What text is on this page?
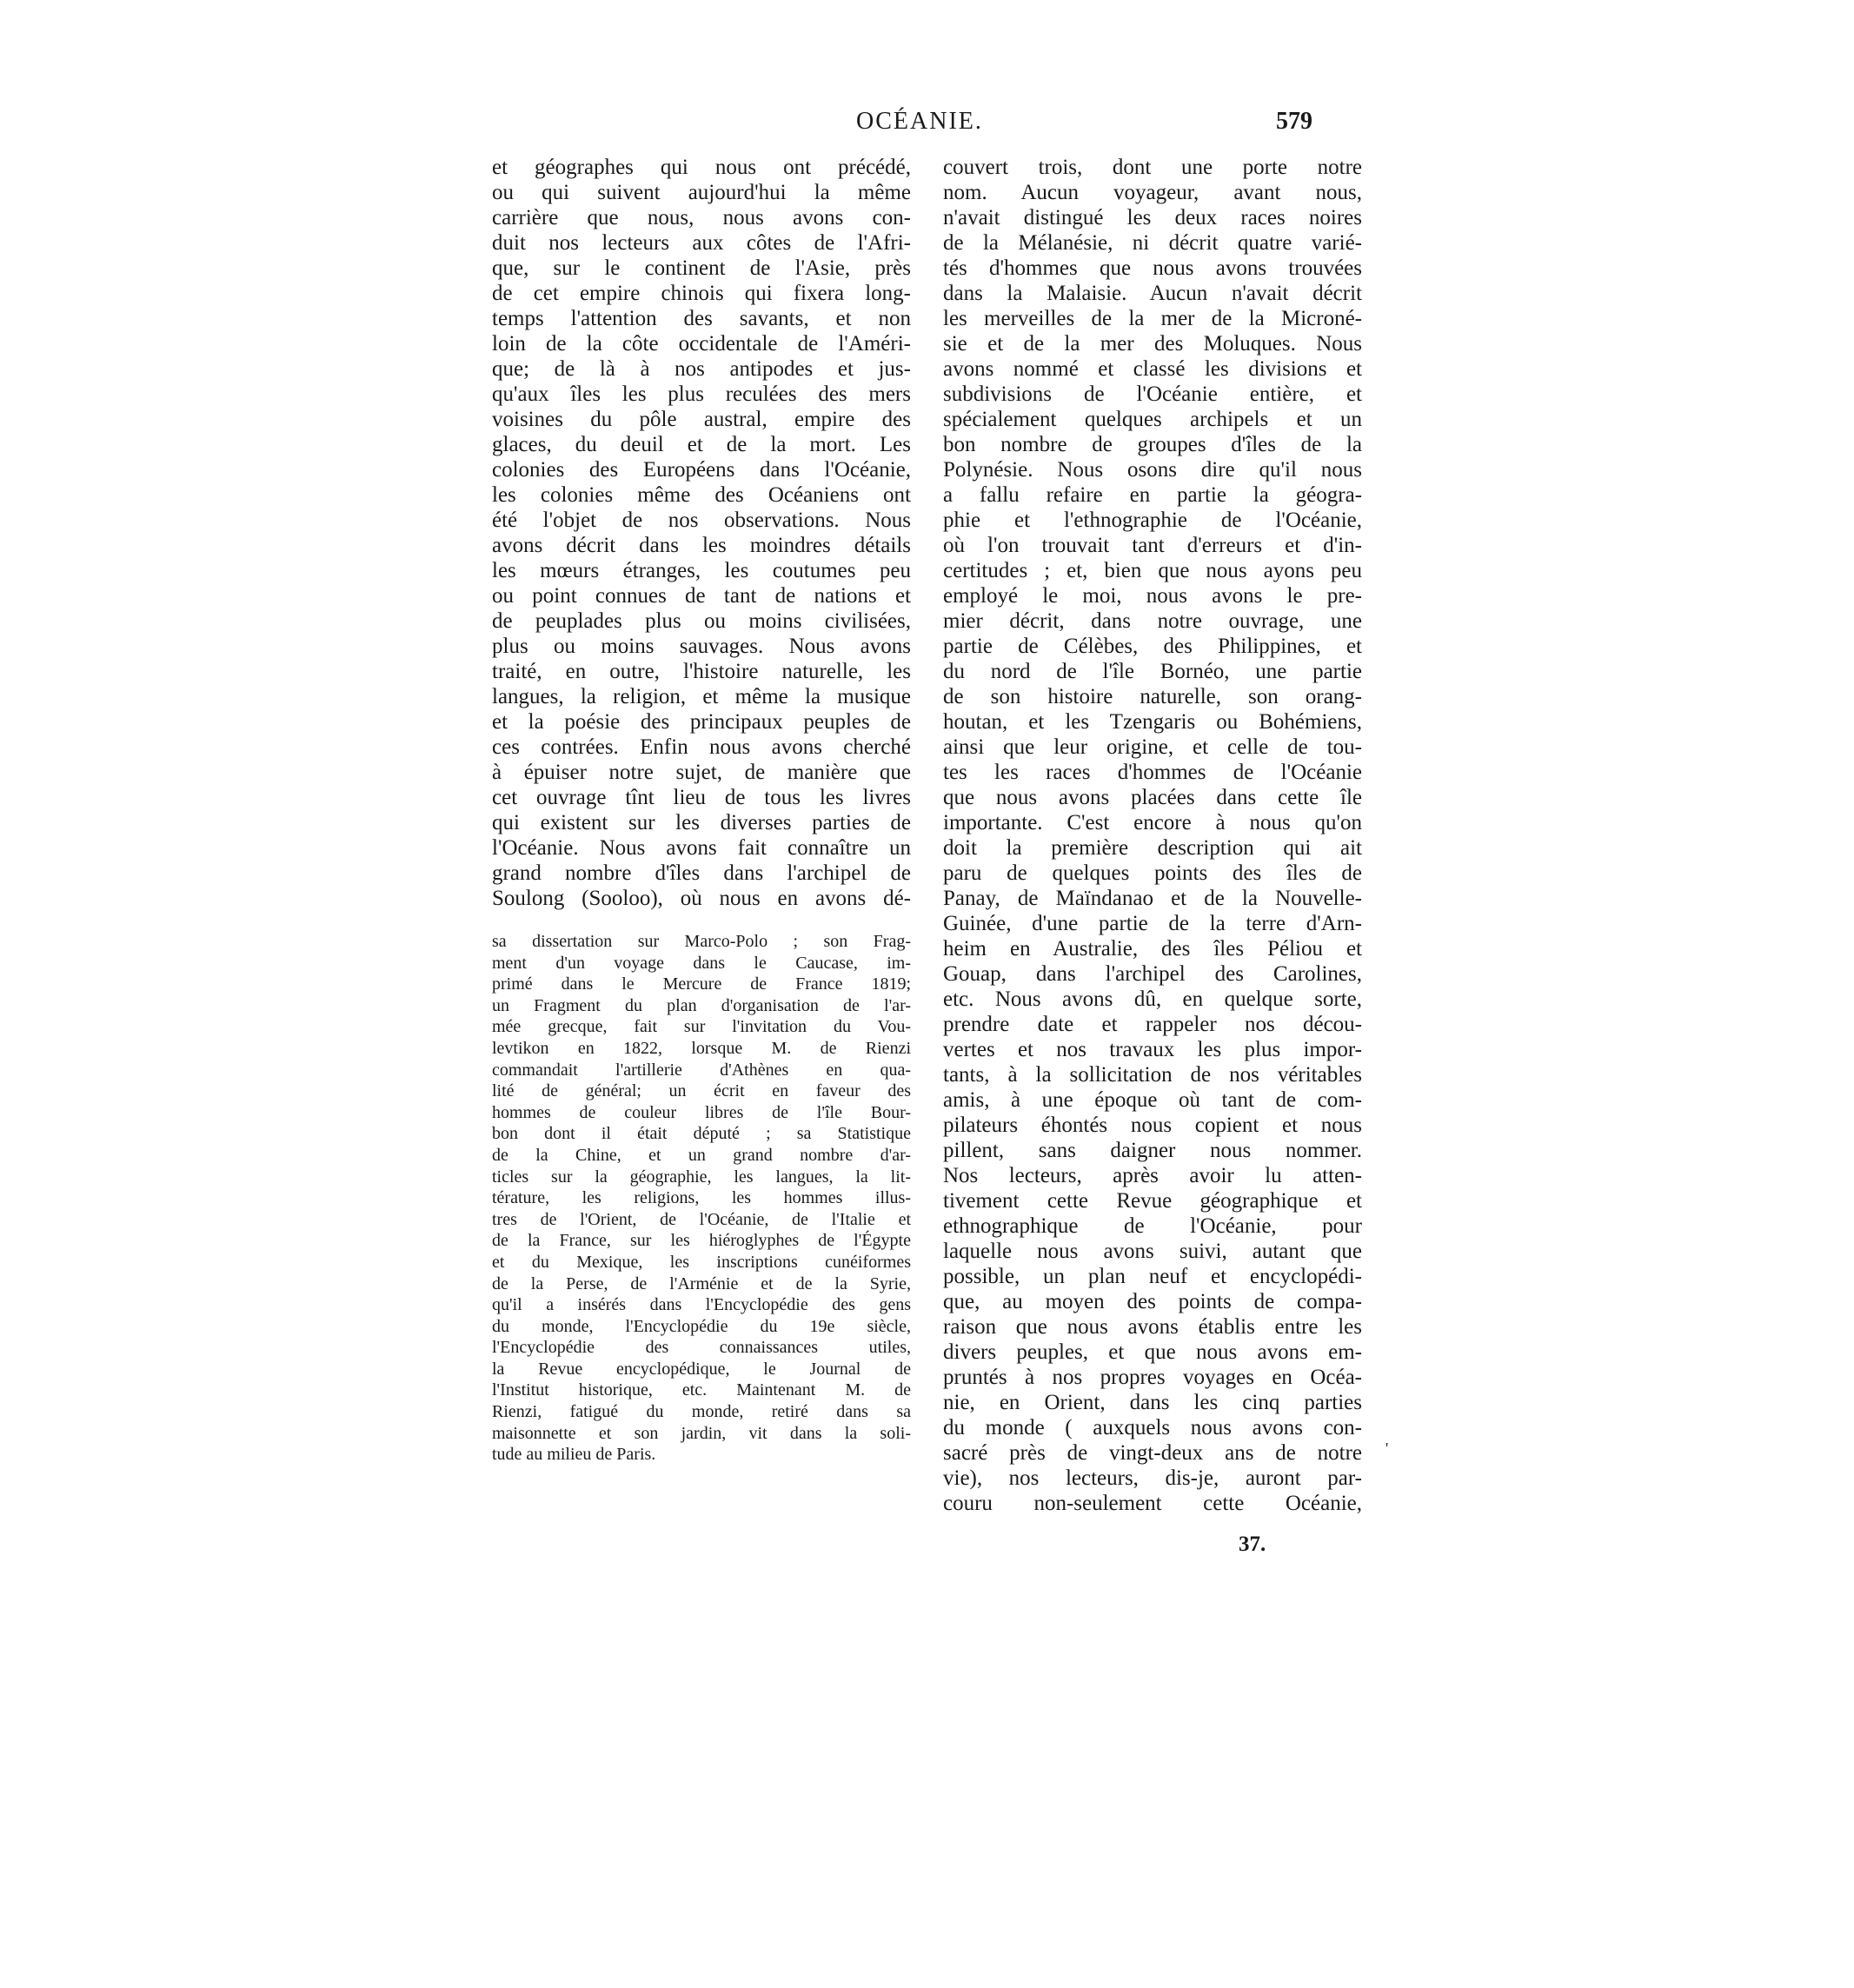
OCÉANIE.	579
et géographes qui nous ont précédé,
ou qui suivent aujourd'hui la même
carrière que nous, nous avons con-
duit nos lecteurs aux côtes de l'Afri-
que, sur le continent de l'Asie, près
de cet empire chinois qui fixera long-
temps l'attention des savants, et non
loin de la côte occidentale de l'Améri-
que; de là à nos antipodes et jus-
qu'aux îles les plus reculées des mers
voisines du pôle austral, empire des
glaces, du deuil et de la mort. Les
colonies des Européens dans l'Océanie,
les colonies même des Océaniens ont
été l'objet de nos observations. Nous
avons décrit dans les moindres détails
les mœurs étranges, les coutumes peu
ou point connues de tant de nations et
de peuplades plus ou moins civilisées,
plus ou moins sauvages. Nous avons
traité, en outre, l'histoire naturelle, les
langues, la religion, et même la musique
et la poésie des principaux peuples de
ces contrées. Enfin nous avons cherché
à épuiser notre sujet, de manière que
cet ouvrage tînt lieu de tous les livres
qui existent sur les diverses parties de
l'Océanie. Nous avons fait connaître un
grand nombre d'îles dans l'archipel de
Soulong (Sooloo), où nous en avons dé-
sa dissertation sur Marco-Polo ; son Frag-
ment d'un voyage dans le Caucase, im-
primé dans le Mercure de France 1819;
un Fragment du plan d'organisation de l'ar-
mée grecque, fait sur l'invitation du Vou-
levtikon en 1822, lorsque M. de Rienzi
commandait l'artillerie d'Athènes en qua-
lité de général; un écrit en faveur des
hommes de couleur libres de l'île Bour-
bon dont il était député ; sa Statistique
de la Chine, et un grand nombre d'ar-
ticles sur la géographie, les langues, la lit-
térature, les religions, les hommes illus-
tres de l'Orient, de l'Océanie, de l'Italie et
de la France, sur les hiéroglyphes de l'Égypte
et du Mexique, les inscriptions cunéiformes
de la Perse, de l'Arménie et de la Syrie,
qu'il a insérés dans l'Encyclopédie des gens
du monde, l'Encyclopédie du 19e siècle,
l'Encyclopédie des connaissances utiles,
la Revue encyclopédique, le Journal de
l'Institut historique, etc. Maintenant M. de
Rienzi, fatigué du monde, retiré dans sa
maisonnette et son jardin, vit dans la soli-
tude au milieu de Paris.
couvert trois, dont une porte notre
nom. Aucun voyageur, avant nous,
n'avait distingué les deux races noires
de la Mélanésie, ni décrit quatre varié-
tés d'hommes que nous avons trouvées
dans la Malaisie. Aucun n'avait décrit
les merveilles de la mer de la Microné-
sie et de la mer des Moluques. Nous
avons nommé et classé les divisions et
subdivisions de l'Océanie entière, et
spécialement quelques archipels et un
bon nombre de groupes d'îles de la
Polynésie. Nous osons dire qu'il nous
a fallu refaire en partie la géogra-
phie et l'ethnographie de l'Océanie,
où l'on trouvait tant d'erreurs et d'in-
certitudes ; et, bien que nous ayons peu
employé le moi, nous avons le pre-
mier décrit, dans notre ouvrage, une
partie de Célèbes, des Philippines, et
du nord de l'île Bornéo, une partie
de son histoire naturelle, son orang-
houtan, et les Tzengaris ou Bohémiens,
ainsi que leur origine, et celle de tou-
tes les races d'hommes de l'Océanie
que nous avons placées dans cette île
importante. C'est encore à nous qu'on
doit la première description qui ait
paru de quelques points des îles de
Panay, de Maïndanao et de la Nouvelle-
Guinée, d'une partie de la terre d'Arn-
heim en Australie, des îles Péliou et
Gouap, dans l'archipel des Carolines,
etc. Nous avons dû, en quelque sorte,
prendre date et rappeler nos décou-
vertes et nos travaux les plus impor-
tants, à la sollicitation de nos véritables
amis, à une époque où tant de com-
pilateurs éhontés nous copient et nous
pillent, sans daigner nous nommer.
Nos lecteurs, après avoir lu atten-
tivement cette Revue géographique et
ethnographique de l'Océanie, pour
laquelle nous avons suivi, autant que
possible, un plan neuf et encyclopédi-
que, au moyen des points de compa-
raison que nous avons établis entre les
divers peuples, et que nous avons em-
pruntés à nos propres voyages en Océa-
nie, en Orient, dans les cinq parties
du monde ( auxquels nous avons con-
sacré près de vingt-deux ans de notre
vie), nos lecteurs, dis-je, auront par-
couru non-seulement cette Océanie,
37.
'
